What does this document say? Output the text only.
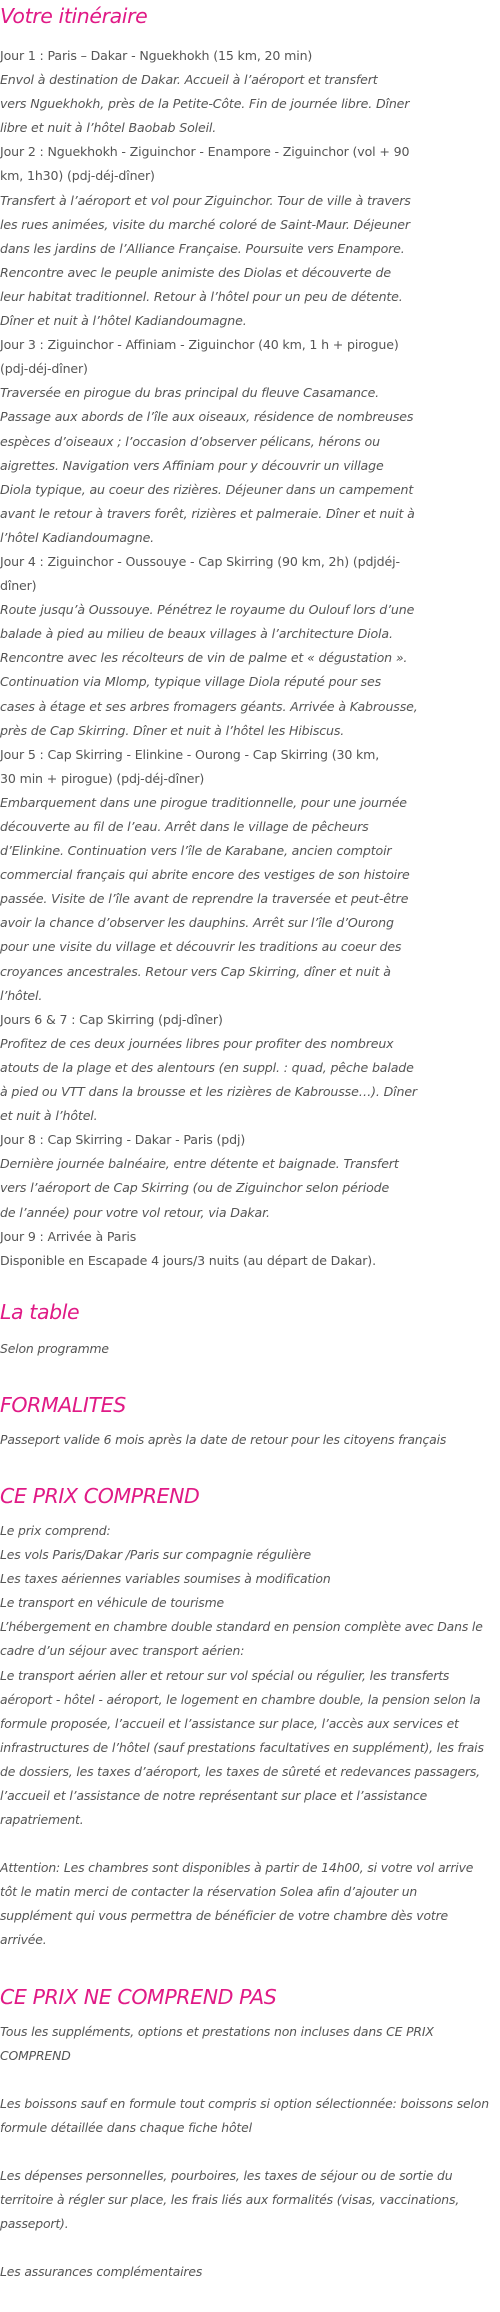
Votre itinéraire

Jour 1 : Paris – Dakar - Nguekhokh (15 km, 20 min)

Envol à destination de Dakar. Accueil à l’aéroport et transfert

vers Nguekhokh, près de la Petite-Côte. Fin de journée libre. Dîner

libre et nuit à l’hôtel Baobab Soleil.

Jour 2 : Nguekhokh - Ziguinchor - Enampore - Ziguinchor (vol + 90

km, 1h30) (pdj-déj-dîner)

Transfert à l’aéroport et vol pour Ziguinchor. Tour de ville à travers

les rues animées, visite du marché coloré de Saint-Maur. Déjeuner

dans les jardins de l’Alliance Française. Poursuite vers Enampore.

Rencontre avec le peuple animiste des Diolas et découverte de

leur habitat traditionnel. Retour à l’hôtel pour un peu de détente.

Dîner et nuit à l’hôtel Kadiandoumagne.

Jour 3 : Ziguinchor - Affiniam - Ziguinchor (40 km, 1 h + pirogue)

(pdj-déj-dîner)

Traversée en pirogue du bras principal du fleuve Casamance.

Passage aux abords de l’île aux oiseaux, résidence de nombreuses

espèces d’oiseaux ; l’occasion d’observer pélicans, hérons ou

aigrettes. Navigation vers Affiniam pour y découvrir un village

Diola typique, au coeur des rizières. Déjeuner dans un campement

avant le retour à travers forêt, rizières et palmeraie. Dîner et nuit à

l’hôtel Kadiandoumagne.

Jour 4 : Ziguinchor - Oussouye - Cap Skirring (90 km, 2h) (pdjdéj-

dîner)

Route jusqu’à Oussouye. Pénétrez le royaume du Oulouf lors d’une

balade à pied au milieu de beaux villages à l’architecture Diola.

Rencontre avec les récolteurs de vin de palme et « dégustation ».

Continuation via Mlomp, typique village Diola réputé pour ses

cases à étage et ses arbres fromagers géants. Arrivée à Kabrousse,

près de Cap Skirring. Dîner et nuit à l’hôtel les Hibiscus.

Jour 5 : Cap Skirring - Elinkine - Ourong - Cap Skirring (30 km,

30 min + pirogue) (pdj-déj-dîner)

Embarquement dans une pirogue traditionnelle, pour une journée

découverte au fil de l’eau. Arrêt dans le village de pêcheurs

d’Elinkine. Continuation vers l’île de Karabane, ancien comptoir

commercial français qui abrite encore des vestiges de son histoire

passée. Visite de l’île avant de reprendre la traversée et peut-être

avoir la chance d’observer les dauphins. Arrêt sur l’île d’Ourong

pour une visite du village et découvrir les traditions au coeur des

croyances ancestrales. Retour vers Cap Skirring, dîner et nuit à

l’hôtel.

Jours 6 & 7 : Cap Skirring (pdj-dîner)

Profitez de ces deux journées libres pour profiter des nombreux

atouts de la plage et des alentours (en suppl. : quad, pêche balade

à pied ou VTT dans la brousse et les rizières de Kabrousse…). Dîner

et nuit à l’hôtel.

Jour 8 : Cap Skirring - Dakar - Paris (pdj)

Dernière journée balnéaire, entre détente et baignade. Transfert

vers l’aéroport de Cap Skirring (ou de Ziguinchor selon période

de l’année) pour votre vol retour, via Dakar.

Jour 9 : Arrivée à Paris

Disponible en Escapade 4 jours/3 nuits (au départ de Dakar).

La table

Selon programme

FORMALITES

Passeport valide 6 mois après la date de retour pour les citoyens français

CE PRIX COMPREND

Le prix comprend:

Les vols Paris/Dakar /Paris sur compagnie régulière

Les taxes aériennes variables soumises à modification

Le transport en véhicule de tourisme

L’hébergement en chambre double standard en pension complète avec Dans le

cadre d’un séjour avec transport aérien:

Le transport aérien aller et retour sur vol spécial ou régulier, les transferts

aéroport - hôtel - aéroport, le logement en chambre double, la pension selon la

formule proposée, l’accueil et l’assistance sur place, l’accès aux services et

infrastructures de l’hôtel (sauf prestations facultatives en supplément), les frais

de dossiers, les taxes d’aéroport, les taxes de sûreté et redevances passagers,

l’accueil et l’assistance de notre représentant sur place et l’assistance

rapatriement.

Attention: Les chambres sont disponibles à partir de 14h00, si votre vol arrive

tôt le matin merci de contacter la réservation Solea afin d’ajouter un

supplément qui vous permettra de bénéficier de votre chambre dès votre

arrivée.

CE PRIX NE COMPREND PAS

Tous les suppléments, options et prestations non incluses dans CE PRIX

COMPREND

Les boissons sauf en formule tout compris si option sélectionnée: boissons selon

formule détaillée dans chaque fiche hôtel

Les dépenses personnelles, pourboires, les taxes de séjour ou de sortie du

territoire à régler sur place, les frais liés aux formalités (visas, vaccinations,

passeport).

Les assurances complémentaires
